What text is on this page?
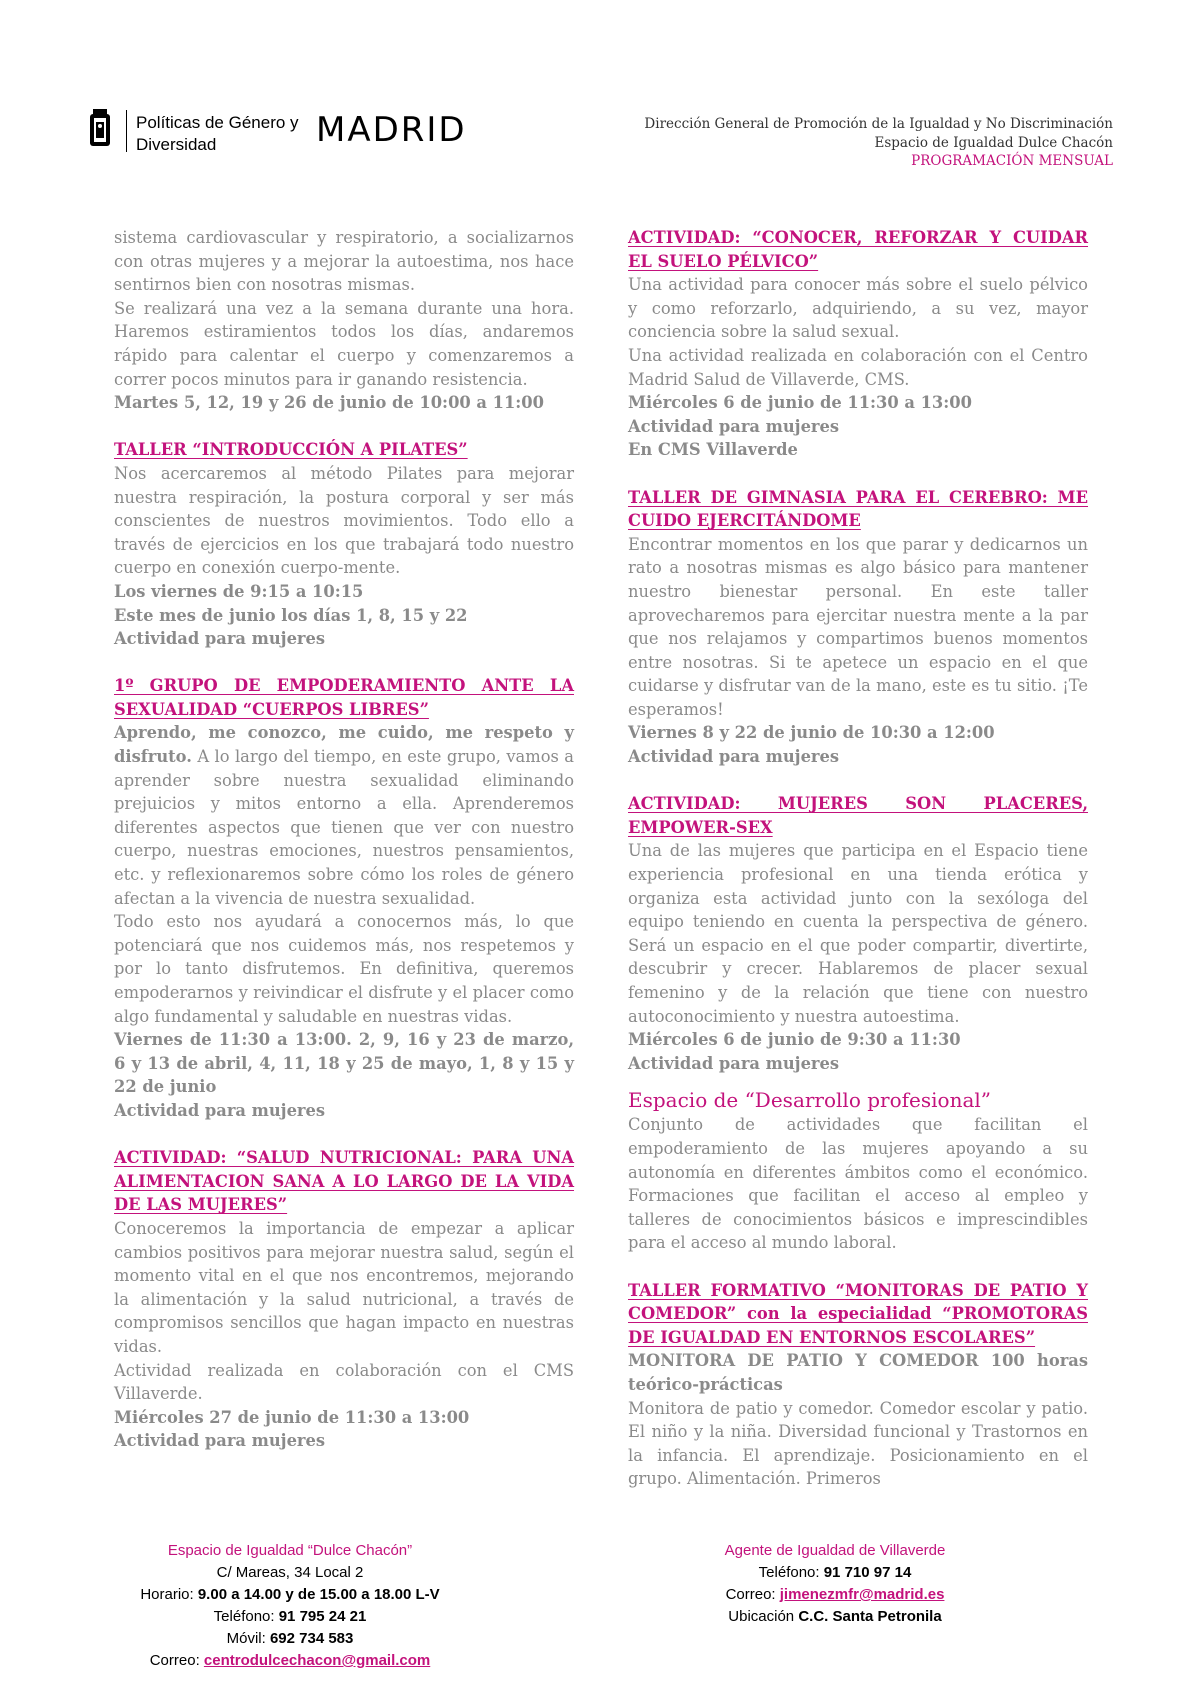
Políticas de Género y Diversidad	MADRID	Dirección General de Promoción de la Igualdad y No Discriminación
Espacio de Igualdad Dulce Chacón
PROGRAMACIÓN MENSUAL

sistema cardiovascular y respiratorio, a socializarnos con otras mujeres y a mejorar la autoestima, nos hace sentirnos bien con nosotras mismas.

Se realizará una vez a la semana durante una hora. Haremos estiramientos todos los días, andaremos rápido para calentar el cuerpo y comenzaremos a correr pocos minutos para ir ganando resistencia.

Martes 5, 12, 19 y 26 de junio de 10:00 a 11:00

TALLER “INTRODUCCIÓN A PILATES”

Nos acercaremos al método Pilates para mejorar nuestra respiración, la postura corporal y ser más conscientes de nuestros movimientos. Todo ello a través de ejercicios en los que trabajará todo nuestro cuerpo en conexión cuerpo-mente.

Los viernes de 9:15 a 10:15

Este mes de junio los días 1, 8, 15 y 22

Actividad para mujeres

1º GRUPO DE EMPODERAMIENTO ANTE LA SEXUALIDAD “CUERPOS LIBRES”

Aprendo, me conozco, me cuido, me respeto y disfruto. A lo largo del tiempo, en este grupo, vamos a aprender sobre nuestra sexualidad eliminando prejuicios y mitos entorno a ella. Aprenderemos diferentes aspectos que tienen que ver con nuestro cuerpo, nuestras emociones, nuestros pensamientos, etc. y reflexionaremos sobre cómo los roles de género afectan a la vivencia de nuestra sexualidad.

Todo esto nos ayudará a conocernos más, lo que potenciará que nos cuidemos más, nos respetemos y por lo tanto disfrutemos. En definitiva, queremos empoderarnos y reivindicar el disfrute y el placer como algo fundamental y saludable en nuestras vidas.

Viernes de 11:30 a 13:00. 2, 9, 16 y 23 de marzo, 6 y 13 de abril, 4, 11, 18 y 25 de mayo, 1, 8 y 15 y 22 de junio

Actividad para mujeres

ACTIVIDAD: “SALUD NUTRICIONAL: PARA UNA ALIMENTACION SANA A LO LARGO DE LA VIDA DE LAS MUJERES”

Conoceremos la importancia de empezar a aplicar cambios positivos para mejorar nuestra salud, según el momento vital en el que nos encontremos, mejorando la alimentación y la salud nutricional, a través de compromisos sencillos que hagan impacto en nuestras vidas.

Actividad realizada en colaboración con el CMS Villaverde.

Miércoles 27 de junio de 11:30 a 13:00

Actividad para mujeres

ACTIVIDAD: “CONOCER, REFORZAR Y CUIDAR EL SUELO PÉLVICO”

Una actividad para conocer más sobre el suelo pélvico y como reforzarlo, adquiriendo, a su vez, mayor conciencia sobre la salud sexual.

Una actividad realizada en colaboración con el Centro Madrid Salud de Villaverde, CMS.

Miércoles 6 de junio de 11:30 a 13:00

Actividad para mujeres

En CMS Villaverde

TALLER DE GIMNASIA PARA EL CEREBRO: ME CUIDO EJERCITÁNDOME

Encontrar momentos en los que parar y dedicarnos un rato a nosotras mismas es algo básico para mantener nuestro bienestar personal. En este taller aprovecharemos para ejercitar nuestra mente a la par que nos relajamos y compartimos buenos momentos entre nosotras. Si te apetece un espacio en el que cuidarse y disfrutar van de la mano, este es tu sitio. ¡Te esperamos!

Viernes 8 y 22 de junio de 10:30 a 12:00

Actividad para mujeres

ACTIVIDAD: MUJERES SON PLACERES, EMPOWER-SEX

Una de las mujeres que participa en el Espacio tiene experiencia profesional en una tienda erótica y organiza esta actividad junto con la sexóloga del equipo teniendo en cuenta la perspectiva de género. Será un espacio en el que poder compartir, divertirte, descubrir y crecer. Hablaremos de placer sexual femenino y de la relación que tiene con nuestro autoconocimiento y nuestra autoestima.

Miércoles 6 de junio de 9:30 a 11:30

Actividad para mujeres

Espacio de “Desarrollo profesional”

Conjunto de actividades que facilitan el empoderamiento de las mujeres apoyando a su autonomía en diferentes ámbitos como el económico. Formaciones que facilitan el acceso al empleo y talleres de conocimientos básicos e imprescindibles para el acceso al mundo laboral.

TALLER FORMATIVO “MONITORAS DE PATIO Y COMEDOR” con la especialidad “PROMOTORAS DE IGUALDAD EN ENTORNOS ESCOLARES”

MONITORA DE PATIO Y COMEDOR 100 horas teórico-prácticas

Monitora de patio y comedor. Comedor escolar y patio. El niño y la niña. Diversidad funcional y Trastornos en la infancia. El aprendizaje. Posicionamiento en el grupo. Alimentación. Primeros

Espacio de Igualdad “Dulce Chacón”
C/ Mareas, 34 Local 2
Horario: 9.00 a 14.00 y de 15.00 a 18.00 L-V
Teléfono: 91 795 24 21
Móvil: 692 734 583
Correo: centrodulcechacon@gmail.com
Agente de Igualdad de Villaverde
Teléfono: 91 710 97 14
Correo: jimenezmfr@madrid.es
Ubicación C.C. Santa Petronila
